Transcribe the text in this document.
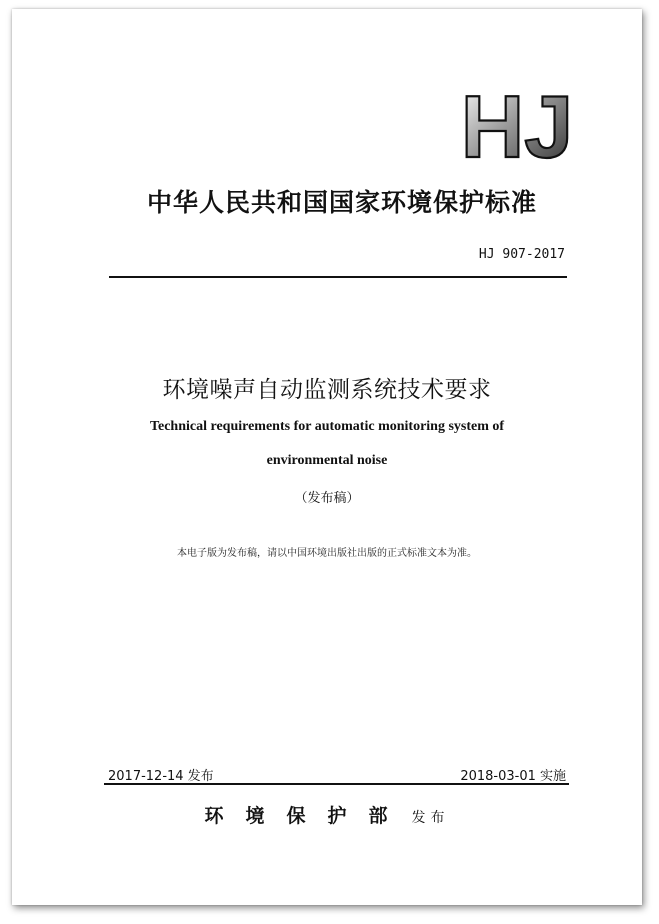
HJ
中华人民共和国国家环境保护标准
HJ 907-2017
环境噪声自动监测系统技术要求
Technical requirements for automatic monitoring system of
environmental noise
（发布稿）
本电子版为发布稿，请以中国环境出版社出版的正式标准文本为准。
2017-12-14 发布	2018-03-01 实施
环境保护部 发布
